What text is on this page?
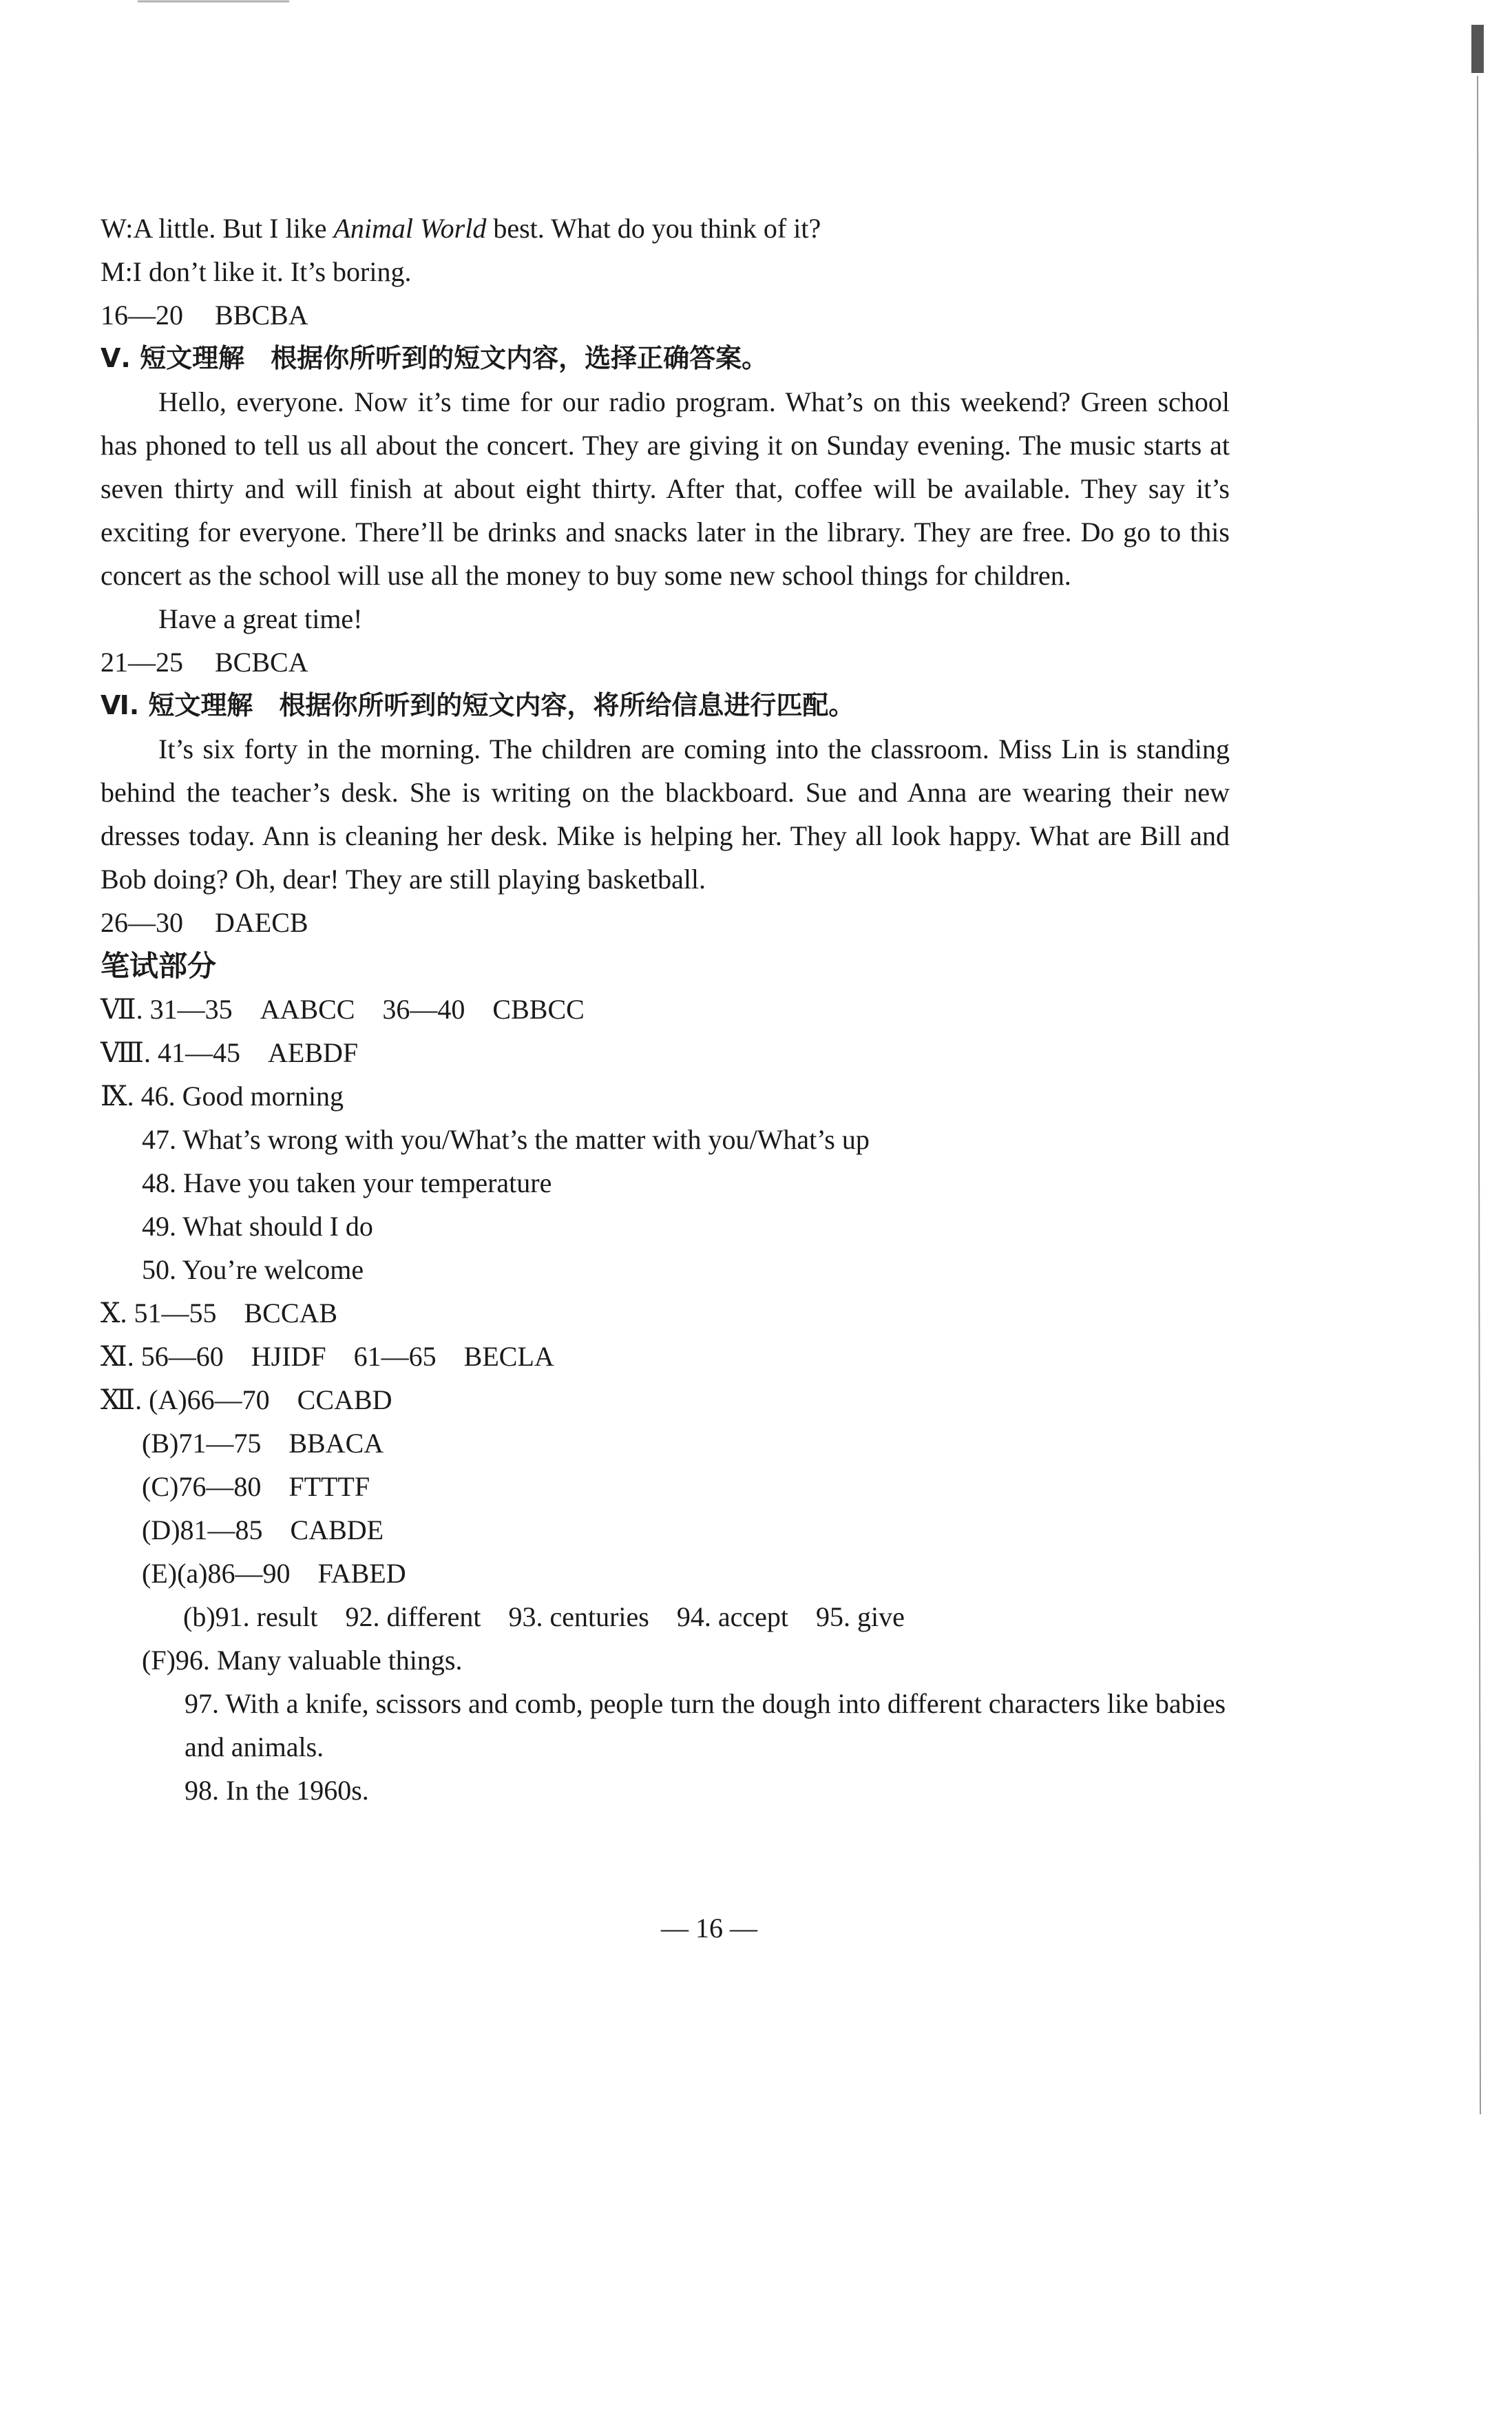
W:A little. But I like Animal World best. What do you think of it?
M:I don’t like it. It’s boring.
16—20 BBCBA
Ⅴ. 短文理解　根据你所听到的短文内容，选择正确答案。
Hello, everyone. Now it’s time for our radio program. What’s on this weekend? Green school has phoned to tell us all about the concert. They are giving it on Sunday evening. The music starts at seven thirty and will finish at about eight thirty. After that, coffee will be available. They say it’s exciting for everyone. There’ll be drinks and snacks later in the library. They are free. Do go to this concert as the school will use all the money to buy some new school things for children.
Have a great time!
21—25 BCBCA
Ⅵ. 短文理解　根据你所听到的短文内容，将所给信息进行匹配。
It’s six forty in the morning. The children are coming into the classroom. Miss Lin is standing behind the teacher’s desk. She is writing on the blackboard. Sue and Anna are wearing their new dresses today. Ann is cleaning her desk. Mike is helping her. They all look happy. What are Bill and Bob doing? Oh, dear! They are still playing basketball.
26—30 DAECB
笔试部分
Ⅶ. 31—35　AABCC　36—40　CBBCC
Ⅷ. 41—45　AEBDF
Ⅸ. 46. Good morning
47. What’s wrong with you/What’s the matter with you/What’s up
48. Have you taken your temperature
49. What should I do
50. You’re welcome
Ⅹ. 51—55　BCCAB
Ⅺ. 56—60　HJIDF　61—65　BECLA
Ⅻ. (A)66—70　CCABD
(B)71—75　BBACA
(C)76—80　FTTTF
(D)81—85　CABDE
(E)(a)86—90　FABED
(b)91. result　92. different　93. centuries　94. accept　95. give
(F)96. Many valuable things.
97. With a knife, scissors and comb, people turn the dough into different characters like babies and animals.
98. In the 1960s.
— 16 —
